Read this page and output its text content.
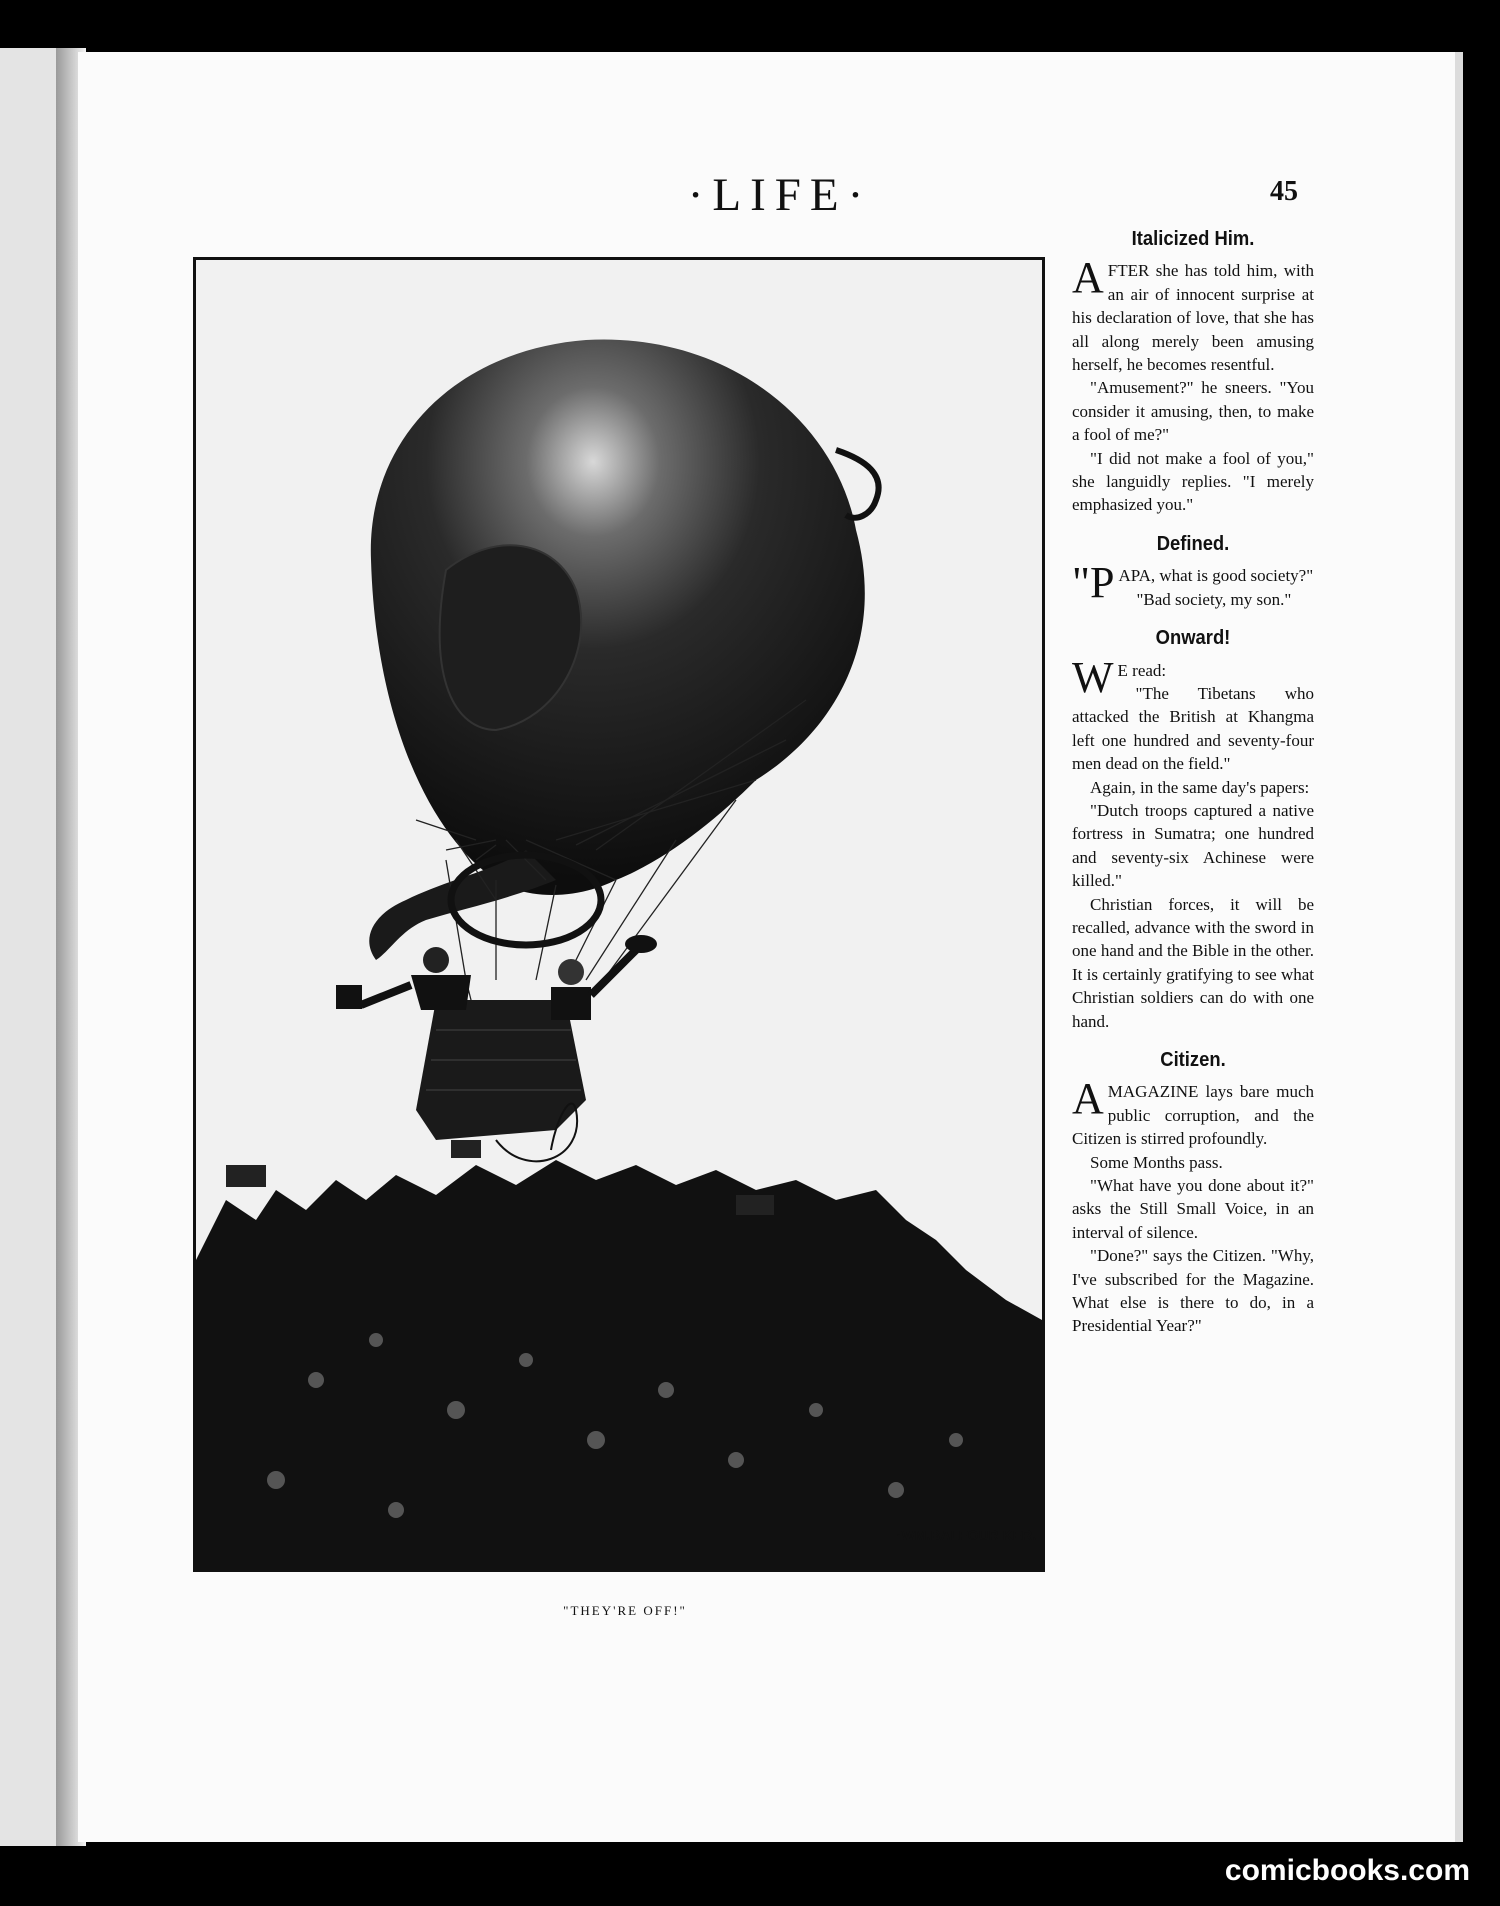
·LIFE·	45
·WM.BALFOUR KER.
"THEY'RE OFF!"
Italicized Him.

AFTER she has told him, with an air of innocent surprise at his declaration of love, that she has all along merely been amusing herself, he becomes resentful.

"Amusement?" he sneers. "You consider it amusing, then, to make a fool of me?"

"I did not make a fool of you," she languidly replies. "I merely emphasized you."

Defined.

"PAPA, what is good society?"

"Bad society, my son."

Onward!

W E read:

"The Tibetans who attacked the British at Khangma left one hundred and seventy-four men dead on the field."

Again, in the same day's papers:

"Dutch troops captured a native fortress in Sumatra; one hundred and seventy-six Achinese were killed."

Christian forces, it will be recalled, advance with the sword in one hand and the Bible in the other. It is certainly gratifying to see what Christian soldiers can do with one hand.

Citizen.

AMAGAZINE lays bare much public corruption, and the Citizen is stirred profoundly.

Some Months pass.

"What have you done about it?" asks the Still Small Voice, in an interval of silence.

"Done?" says the Citizen. "Why, I've subscribed for the Magazine. What else is there to do, in a Presidential Year?"

comicbooks.com
